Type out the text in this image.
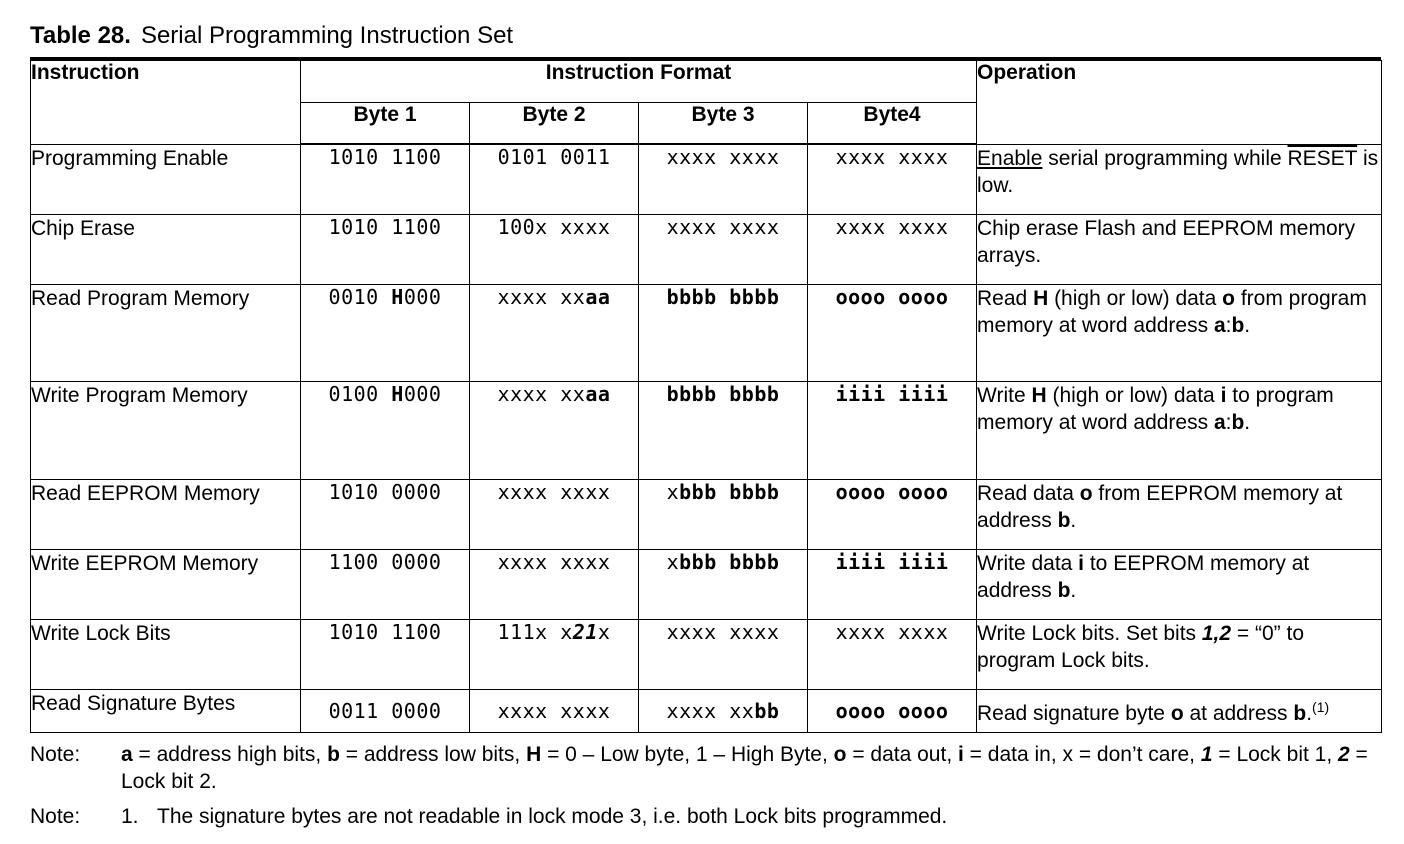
Table 28. Serial Programming Instruction Set
Instruction	Instruction Format				Operation
	Byte 1	Byte 2	Byte 3	Byte4	
Programming Enable	1010 1100	0101 0011	xxxx xxxx	xxxx xxxx	Enable serial programming while RESET is low.
Chip Erase	1010 1100	100x xxxx	xxxx xxxx	xxxx xxxx	Chip erase Flash and EEPROM memory arrays.
Read Program Memory	0010 H000	xxxx xxaa	bbbb bbbb	oooo oooo	Read H (high or low) data o from program memory at word address a:b.
Write Program Memory	0100 H000	xxxx xxaa	bbbb bbbb	iiii iiii	Write H (high or low) data i to program memory at word address a:b.
Read EEPROM Memory	1010 0000	xxxx xxxx	xbbb bbbb	oooo oooo	Read data o from EEPROM memory at address b.
Write EEPROM Memory	1100 0000	xxxx xxxx	xbbb bbbb	iiii iiii	Write data i to EEPROM memory at address b.
Write Lock Bits	1010 1100	111x x21x	xxxx xxxx	xxxx xxxx	Write Lock bits. Set bits 1,2 = “0” to program Lock bits.
Read Signature Bytes	0011 0000	xxxx xxxx	xxxx xxbb	oooo oooo	Read signature byte o at address b.$^{(1)}$
Note: a = address high bits, b = address low bits, H = 0 – Low byte, 1 – High Byte, o = data out, i = data in, x = don’t care, 1 = Lock bit 1, 2 = Lock bit 2.
Note: 1. The signature bytes are not readable in lock mode 3, i.e. both Lock bits programmed.
